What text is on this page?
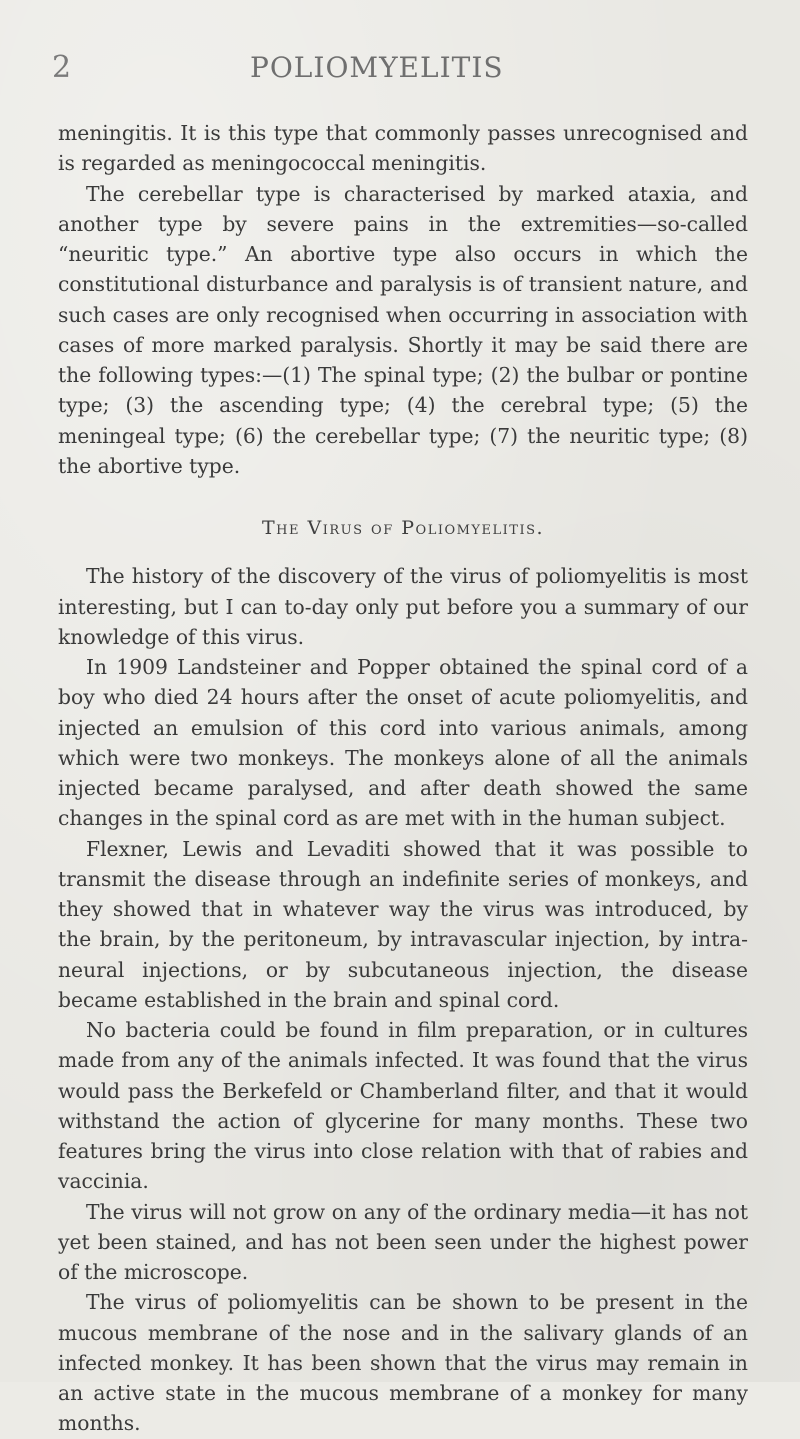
2	POLIOMYELITIS

meningitis. It is this type that commonly passes unrecognised and is regarded as meningococcal meningitis.

The cerebellar type is characterised by marked ataxia, and another type by severe pains in the extremities—so-called “neuritic type.” An abortive type also occurs in which the constitutional disturbance and paralysis is of transient nature, and such cases are only recognised when occurring in association with cases of more marked paralysis. Shortly it may be said there are the following types:—(1) The spinal type; (2) the bulbar or pontine type; (3) the ascending type; (4) the cerebral type; (5) the meningeal type; (6) the cerebellar type; (7) the neuritic type; (8) the abortive type.

The Virus of Poliomyelitis.

The history of the discovery of the virus of poliomyelitis is most interesting, but I can to-day only put before you a summary of our knowledge of this virus.

In 1909 Landsteiner and Popper obtained the spinal cord of a boy who died 24 hours after the onset of acute poliomyelitis, and injected an emulsion of this cord into various animals, among which were two monkeys. The monkeys alone of all the animals injected became paralysed, and after death showed the same changes in the spinal cord as are met with in the human subject.

Flexner, Lewis and Levaditi showed that it was possible to transmit the disease through an indefinite series of monkeys, and they showed that in whatever way the virus was introduced, by the brain, by the peritoneum, by intravascular injection, by intra-neural injections, or by subcutaneous injection, the disease became established in the brain and spinal cord.

No bacteria could be found in film preparation, or in cultures made from any of the animals infected. It was found that the virus would pass the Berkefeld or Chamberland filter, and that it would withstand the action of glycerine for many months. These two features bring the virus into close relation with that of rabies and vaccinia.

The virus will not grow on any of the ordinary media—it has not yet been stained, and has not been seen under the highest power of the microscope.

The virus of poliomyelitis can be shown to be present in the mucous membrane of the nose and in the salivary glands of an infected monkey. It has been shown that the virus may remain in an active state in the mucous membrane of a monkey for many months.
